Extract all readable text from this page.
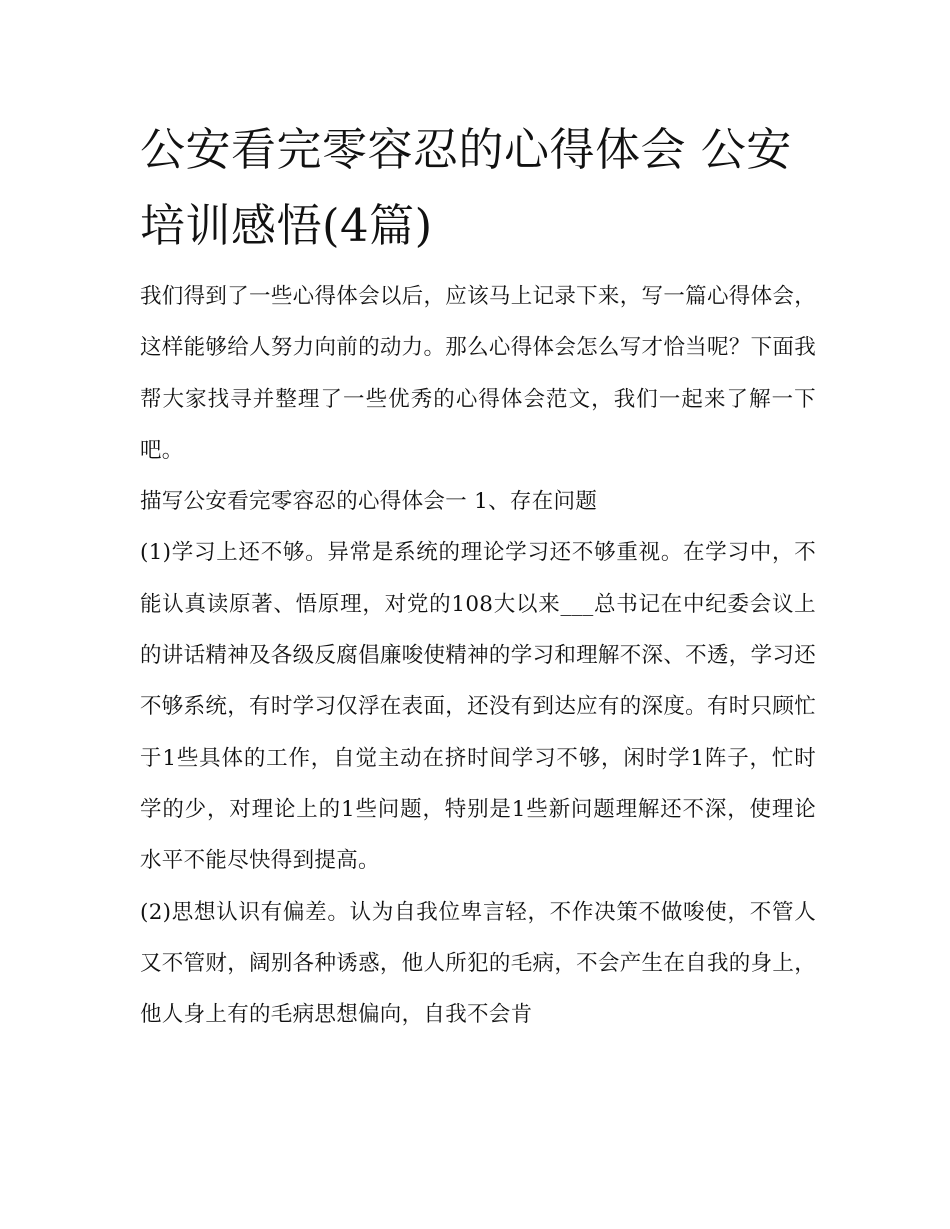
公安看完零容忍的心得体会 公安培训感悟(4篇)

我们得到了一些心得体会以后，应该马上记录下来，写一篇心得体会，这样能够给人努力向前的动力。那么心得体会怎么写才恰当呢？下面我帮大家找寻并整理了一些优秀的心得体会范文，我们一起来了解一下吧。

描写公安看完零容忍的心得体会一 1、存在问题

(1)学习上还不够。异常是系统的理论学习还不够重视。在学习中，不能认真读原著、悟原理，对党的108大以来___总书记在中纪委会议上的讲话精神及各级反腐倡廉唆使精神的学习和理解不深、不透，学习还不够系统，有时学习仅浮在表面，还没有到达应有的深度。有时只顾忙于1些具体的工作，自觉主动在挤时间学习不够，闲时学1阵子，忙时学的少，对理论上的1些问题，特别是1些新问题理解还不深，使理论水平不能尽快得到提高。

(2)思想认识有偏差。认为自我位卑言轻，不作决策不做唆使，不管人又不管财，阔别各种诱惑，他人所犯的毛病，不会产生在自我的身上，他人身上有的毛病思想偏向，自我不会肯
